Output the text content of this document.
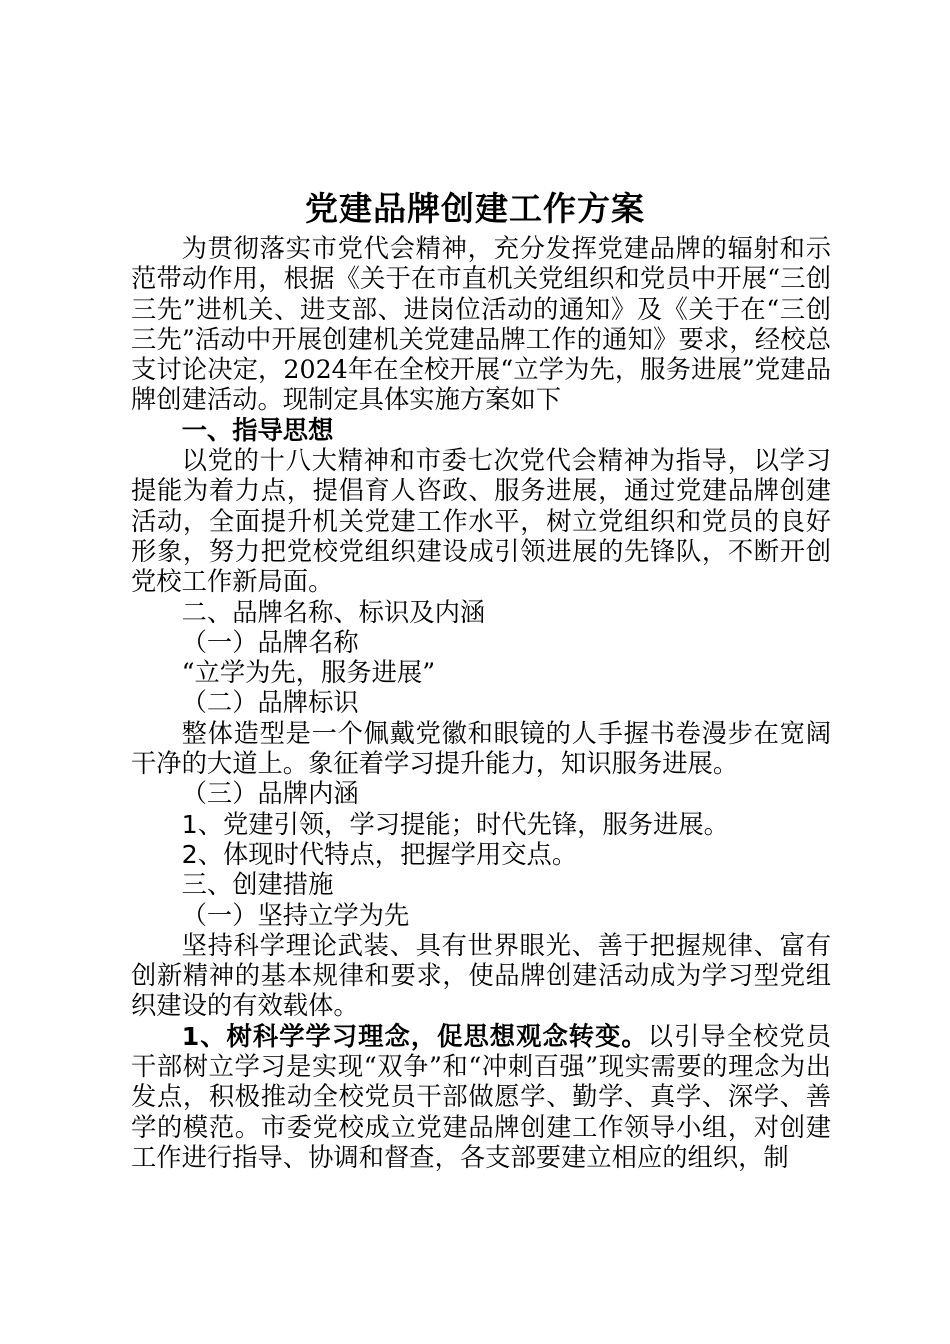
党建品牌创建工作方案

为贯彻落实市党代会精神，充分发挥党建品牌的辐射和示范带动作用，根据《关于在市直机关党组织和党员中开展“三创三先”进机关、进支部、进岗位活动的通知》及《关于在“三创三先”活动中开展创建机关党建品牌工作的通知》要求，经校总支讨论决定，2024年在全校开展“立学为先，服务进展”党建品牌创建活动。现制定具体实施方案如下

一、指导思想

以党的十八大精神和市委七次党代会精神为指导，以学习提能为着力点，提倡育人咨政、服务进展，通过党建品牌创建活动，全面提升机关党建工作水平，树立党组织和党员的良好形象，努力把党校党组织建设成引领进展的先锋队，不断开创党校工作新局面。

二、品牌名称、标识及内涵

（一）品牌名称

“立学为先，服务进展”

（二）品牌标识

整体造型是一个佩戴党徽和眼镜的人手握书卷漫步在宽阔干净的大道上。象征着学习提升能力，知识服务进展。

（三）品牌内涵

1、党建引领，学习提能；时代先锋，服务进展。

2、体现时代特点，把握学用交点。

三、创建措施

（一）坚持立学为先

坚持科学理论武装、具有世界眼光、善于把握规律、富有创新精神的基本规律和要求，使品牌创建活动成为学习型党组织建设的有效载体。

1、树科学学习理念，促思想观念转变。以引导全校党员干部树立学习是实现“双争”和“冲刺百强”现实需要的理念为出发点，积极推动全校党员干部做愿学、勤学、真学、深学、善学的模范。市委党校成立党建品牌创建工作领导小组，对创建工作进行指导、协调和督查，各支部要建立相应的组织，制
